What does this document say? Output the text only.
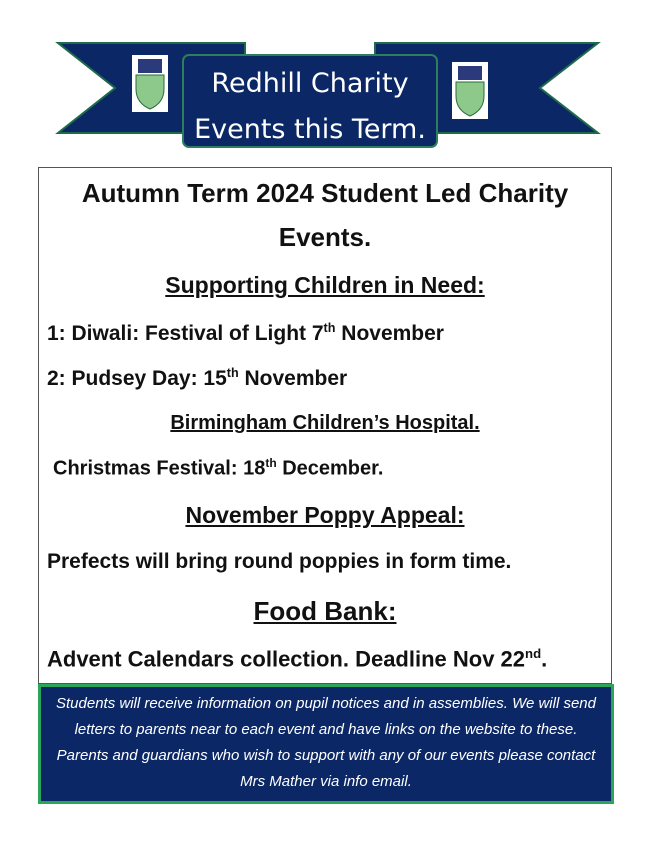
Redhill Charity
Events this Term.
Autumn Term 2024 Student Led Charity
Events.
Supporting Children in Need:
1: Diwali: Festival of Light 7th November
2: Pudsey Day: 15th November
Birmingham Children’s Hospital.
Christmas Festival: 18th December.
November Poppy Appeal:
Prefects will bring round poppies in form time.
Food Bank:
Advent Calendars collection. Deadline Nov 22nd.
Students will receive information on pupil notices and in assemblies. We will send letters to parents near to each event and have links on the website to these. Parents and guardians who wish to support with any of our events please contact Mrs Mather via info email.
